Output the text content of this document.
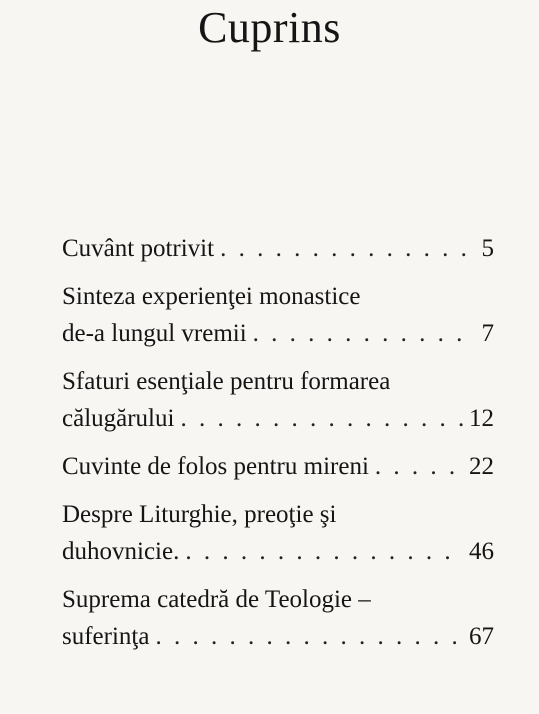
Cuprins
Cuvânt potrivit . . .	5
Sinteza experienţei monastice
de-a lungul vremii . . .	7
Sfaturi esenţiale pentru formarea
călugărului . . .	12
Cuvinte de folos pentru mireni . . .	22
Despre Liturghie, preoţie şi
duhovnicie. . . .	46
Suprema catedră de Teologie –
suferinţa . . .	67
